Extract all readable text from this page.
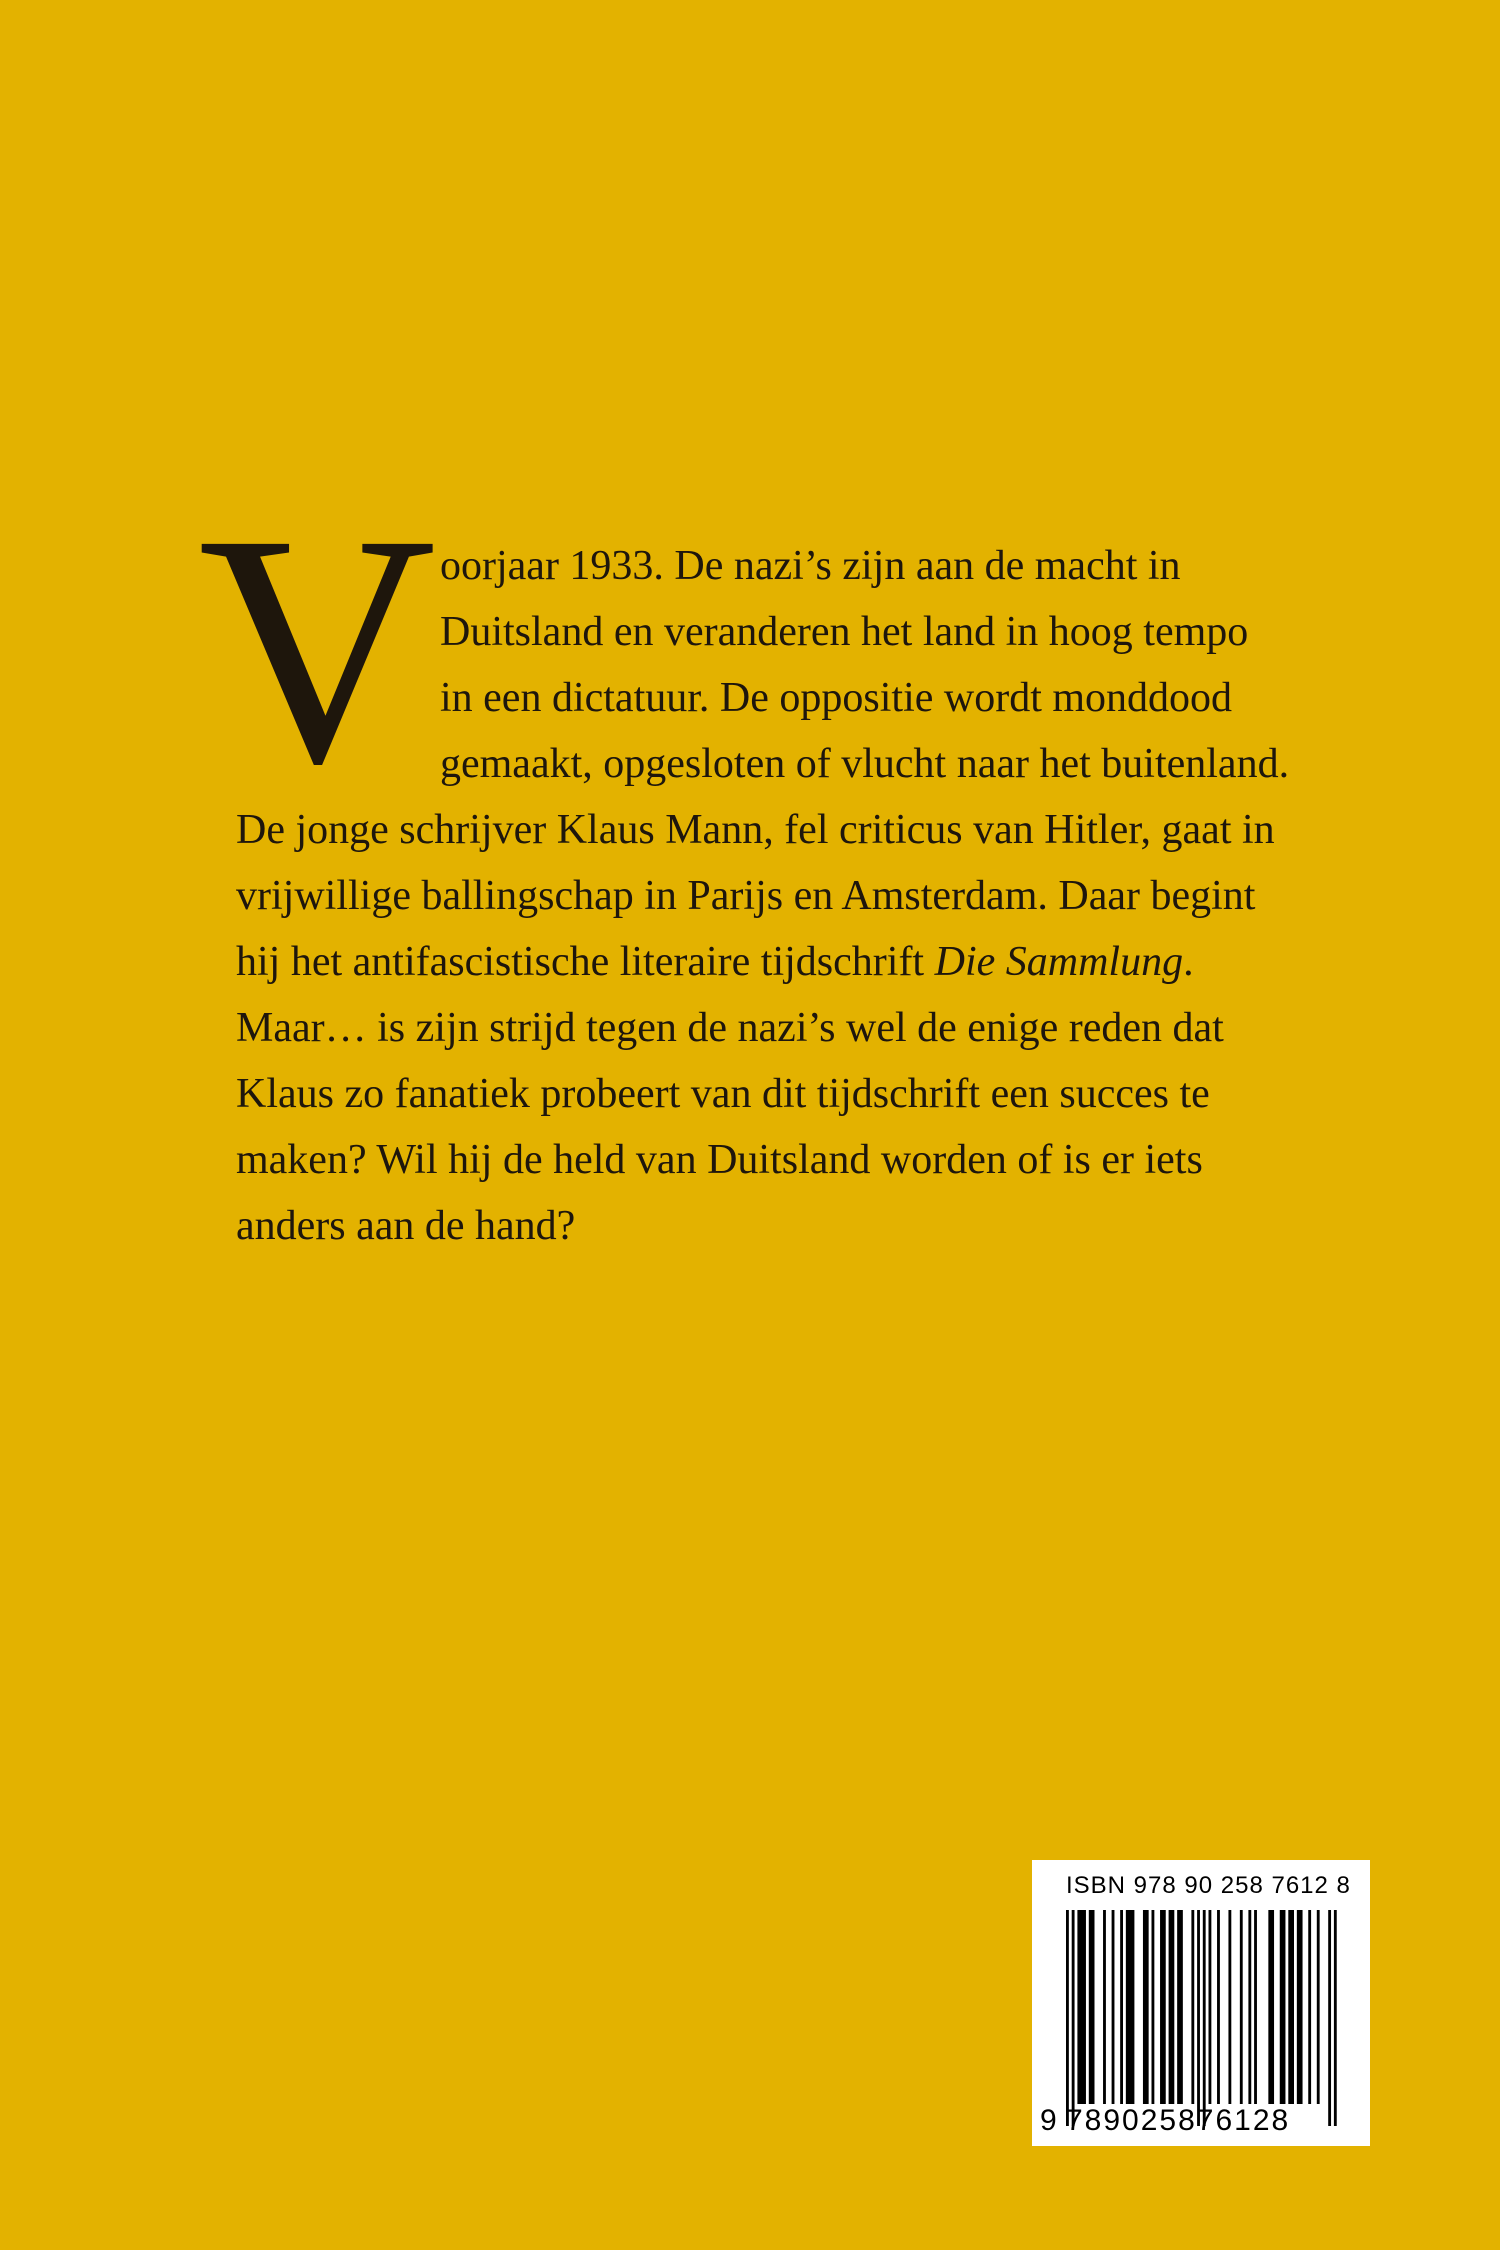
V oorjaar 1933. De nazi’s zijn aan de macht in
Duitsland en veranderen het land in hoog tempo
in een dictatuur. De oppositie wordt monddood
gemaakt, opgesloten of vlucht naar het buitenland.
De jonge schrijver Klaus Mann, fel criticus van Hitler, gaat in
vrijwillige ballingschap in Parijs en Amsterdam. Daar begint
hij het antifascistische literaire tijdschrift Die Sammlung.
Maar… is zijn strijd tegen de nazi’s wel de enige reden dat
Klaus zo fanatiek probeert van dit tijdschrift een succes te
maken? Wil hij de held van Duitsland worden of is er iets
anders aan de hand?
ISBN 978 90 258 7612 8
9 789025876128
